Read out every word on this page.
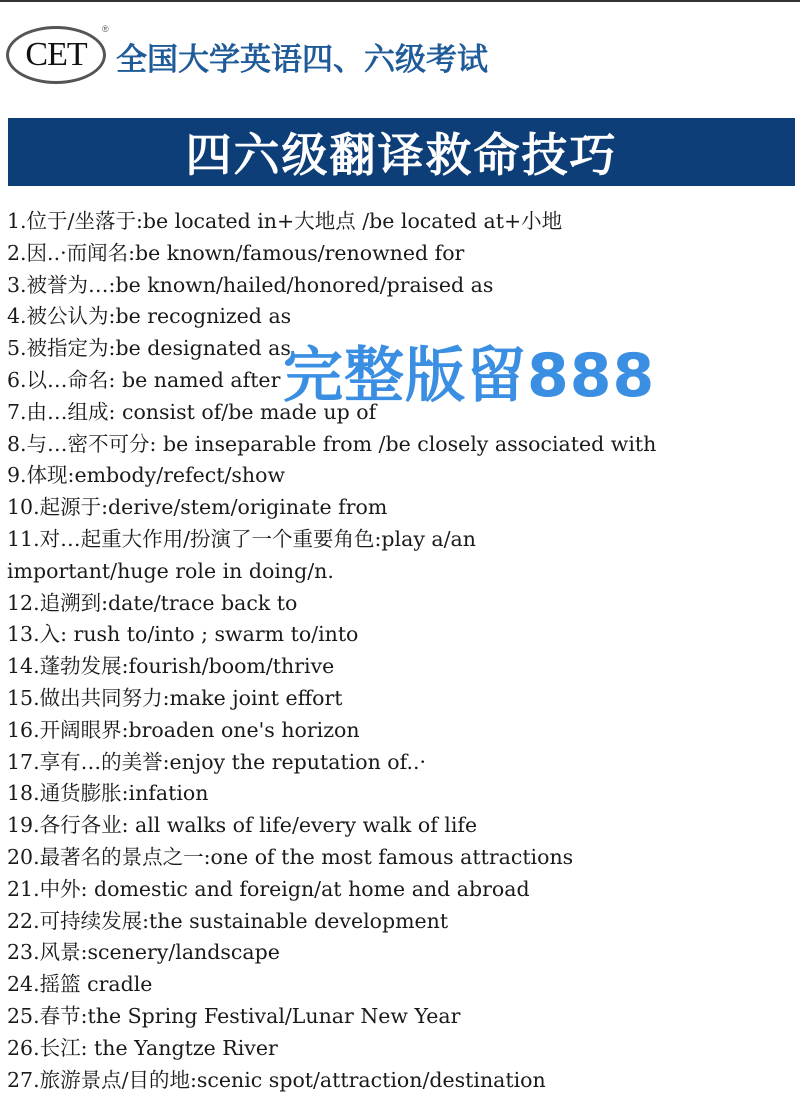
CET
®
全国大学英语四、六级考试
四六级翻译救命技巧
1.位于/坐落于:be located in+大地点 /be located at+小地
2.因..·而闻名:be known/famous/renowned for
3.被誉为…:be known/hailed/honored/praised as
4.被公认为:be recognized as
5.被指定为:be designated as
6.以…命名: be named after
7.由…组成: consist of/be made up of
8.与…密不可分: be inseparable from /be closely associated with
9.体现:embody/refect/show
10.起源于:derive/stem/originate from
11.对…起重大作用/扮演了一个重要角色:play a/an
important/huge role in doing/n.
12.追溯到:date/trace back to
13.入: rush to/into ; swarm to/into
14.蓬勃发展:fourish/boom/thrive
15.做出共同努力:make joint effort
16.开阔眼界:broaden one's horizon
17.享有…的美誉:enjoy the reputation of..·
18.通货膨胀:infation
19.各行各业: all walks of life/every walk of life
20.最著名的景点之一:one of the most famous attractions
21.中外: domestic and foreign/at home and abroad
22.可持续发展:the sustainable development
23.风景:scenery/landscape
24.摇篮 cradle
25.春节:the Spring Festival/Lunar New Year
26.长江: the Yangtze River
27.旅游景点/目的地:scenic spot/attraction/destination
完整版留888
